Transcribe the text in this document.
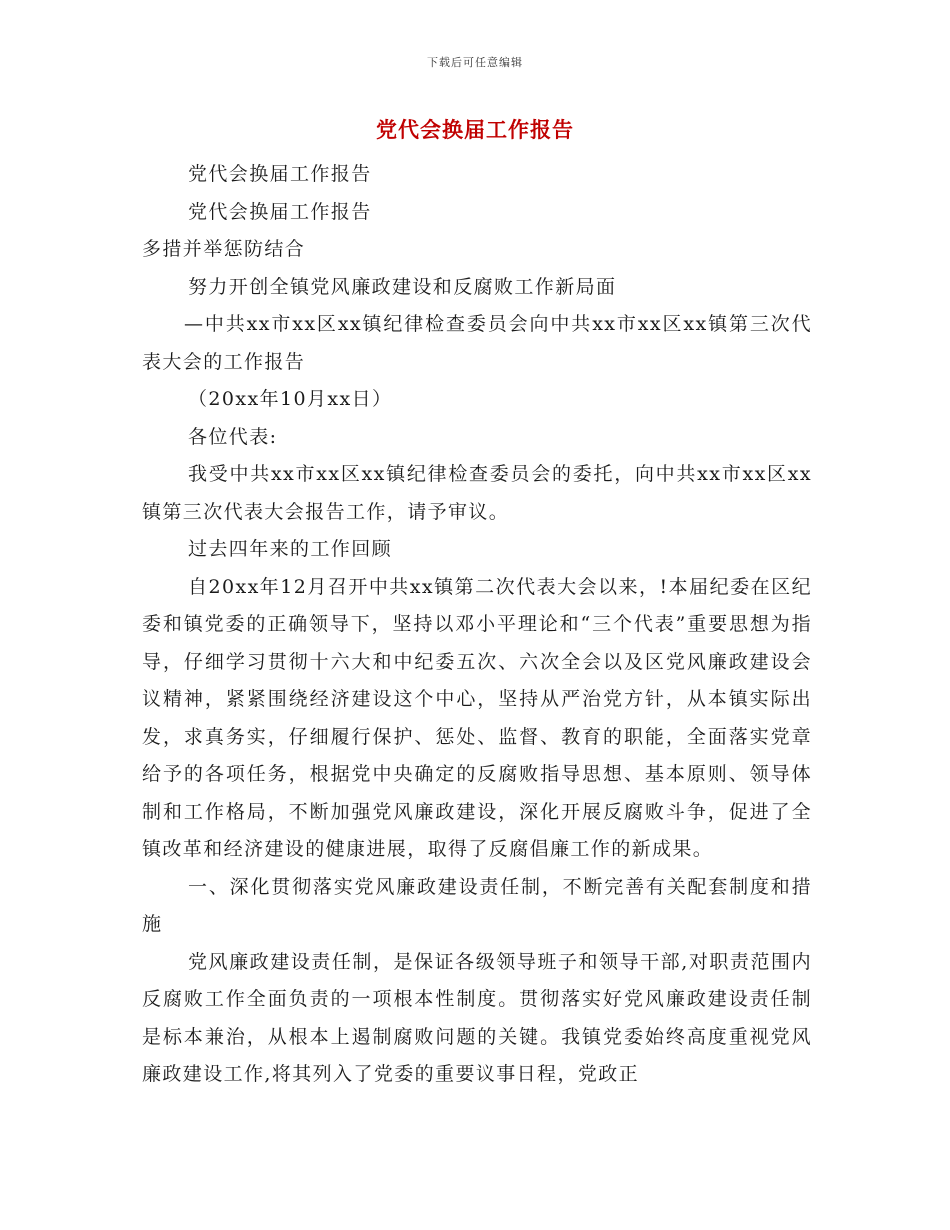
下载后可任意编辑
党代会换届工作报告

党代会换届工作报告

党代会换届工作报告

多措并举惩防结合

努力开创全镇党风廉政建设和反腐败工作新局面

—中共xx市xx区xx镇纪律检查委员会向中共xx市xx区xx镇第三次代表大会的工作报告

（20xx年10月xx日）

各位代表:

我受中共xx市xx区xx镇纪律检查委员会的委托，向中共xx市xx区xx镇第三次代表大会报告工作，请予审议。

过去四年来的工作回顾

自20xx年12月召开中共xx镇第二次代表大会以来，!本届纪委在区纪委和镇党委的正确领导下，坚持以邓小平理论和“三个代表”重要思想为指导，仔细学习贯彻十六大和中纪委五次、六次全会以及区党风廉政建设会议精神，紧紧围绕经济建设这个中心，坚持从严治党方针，从本镇实际出发，求真务实，仔细履行保护、惩处、监督、教育的职能，全面落实党章给予的各项任务，根据党中央确定的反腐败指导思想、基本原则、领导体制和工作格局，不断加强党风廉政建设，深化开展反腐败斗争，促进了全镇改革和经济建设的健康进展，取得了反腐倡廉工作的新成果。

一、深化贯彻落实党风廉政建设责任制，不断完善有关配套制度和措施

党风廉政建设责任制，是保证各级领导班子和领导干部,对职责范围内反腐败工作全面负责的一项根本性制度。贯彻落实好党风廉政建设责任制是标本兼治，从根本上遏制腐败问题的关键。我镇党委始终高度重视党风廉政建设工作,将其列入了党委的重要议事日程，党政正
